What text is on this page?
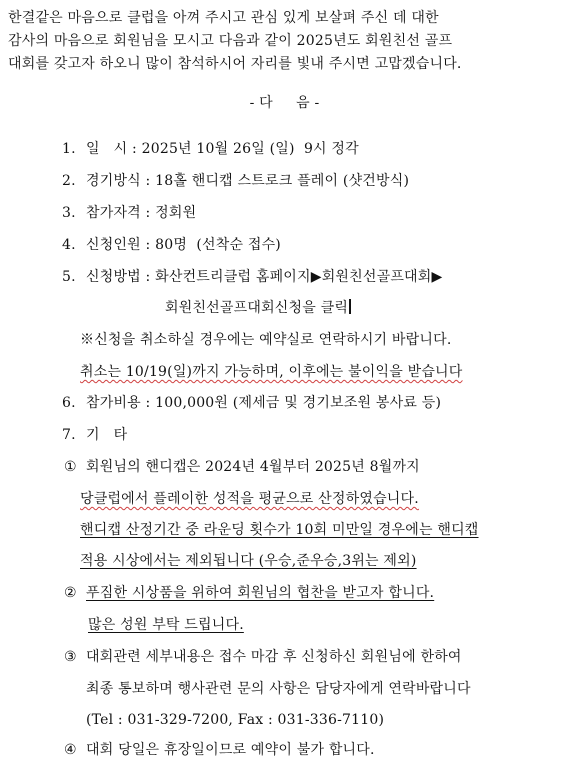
한결같은 마음으로 클럽을 아껴 주시고 관심 있게 보살펴 주신 데 대한
감사의 마음으로 회원님을 모시고 다음과 같이 2025년도 회원친선 골프
대회를 갖고자 하오니 많이 참석하시어 자리를 빛내 주시면 고맙겠습니다.
- 다     음 -
1. 일   시 : 2025년 10월 26일 (일)  9시 정각
2. 경기방식 : 18홀 핸디캡 스트로크 플레이 (샷건방식)
3. 참가자격 : 정회원
4. 신청인원 : 80명  (선착순 접수)
5. 신청방법 : 화산컨트리클럽 홈페이지▶회원친선골프대회▶
회원친선골프대회신청을 클릭
※신청을 취소하실 경우에는 예약실로 연락하시기 바랍니다.
취소는 10/19(일)까지 가능하며, 이후에는 불이익을 받습니다
6. 참가비용 : 100,000원 (제세금 및 경기보조원 봉사료 등)
7. 기   타
① 회원님의 핸디캡은 2024년 4월부터 2025년 8월까지
당클럽에서 플레이한 성적을 평균으로 산정하였습니다.
핸디캡 산정기간 중 라운딩 횟수가 10회 미만일 경우에는 핸디캡
적용 시상에서는 제외됩니다 (우승,준우승,3위는 제외)
② 푸짐한 시상품을 위하여 회원님의 협찬을 받고자 합니다.
많은 성원 부탁 드립니다.
③ 대회관련 세부내용은 접수 마감 후 신청하신 회원님에 한하여
최종 통보하며 행사관련 문의 사항은 담당자에게 연락바랍니다
(Tel : 031-329-7200, Fax : 031-336-7110)
④ 대회 당일은 휴장일이므로 예약이 불가 합니다.
